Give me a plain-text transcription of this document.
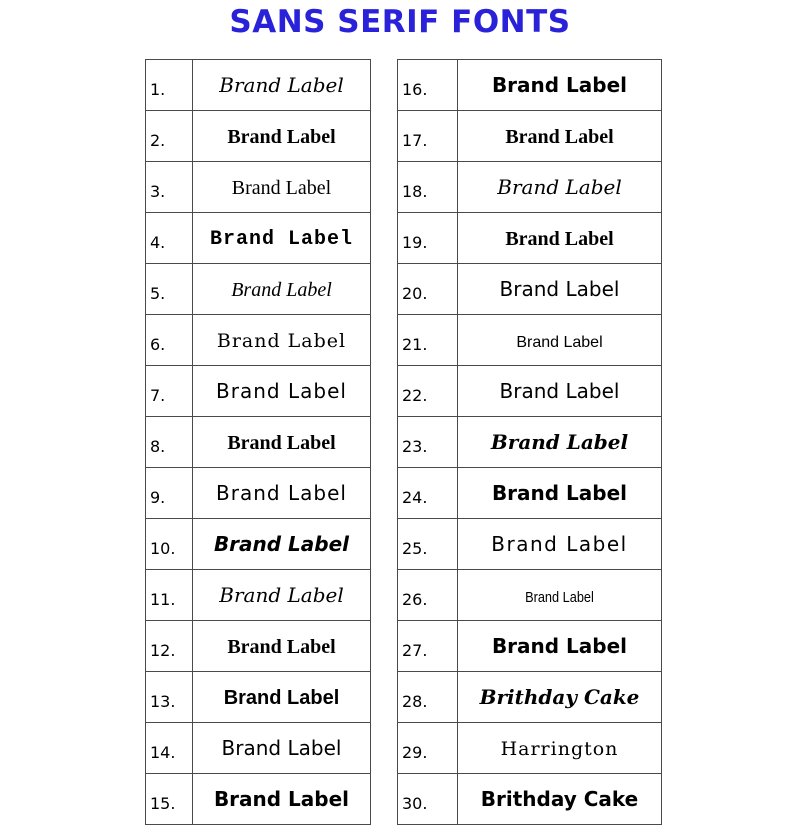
SANS SERIF FONTS
1.	Brand Label
2.	Brand Label
3.	Brand Label
4.	Brand Label
5.	Brand Label
6.	Brand Label
7.	Brand Label
8.	Brand Label
9.	Brand Label
10.	Brand Label
11.	Brand Label
12.	Brand Label
13.	Brand Label
14.	Brand Label
15.	Brand Label
16.	Brand Label
17.	Brand Label
18.	Brand Label
19.	Brand Label
20.	Brand Label
21.	Brand Label
22.	Brand Label
23.	Brand Label
24.	Brand Label
25.	Brand Label
26.	Brand Label
27.	Brand Label
28.	Brithday Cake
29.	Harrington
30.	Brithday Cake
